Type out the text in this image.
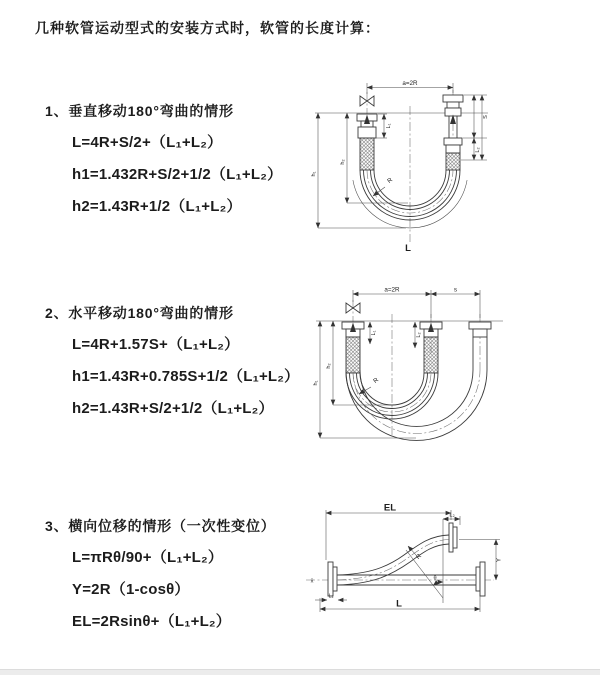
几种软管运动型式的安装方式时，软管的长度计算：

1、垂直移动180°弯曲的情形

L=4R+S/2+（L₁+L₂）
h1=1.432R+S/2+1/2（L₁+L₂）
h2=1.43R+1/2（L₁+L₂）

2、水平移动180°弯曲的情形

L=4R+1.57S+（L₁+L₂）
h1=1.43R+0.785S+1/2（L₁+L₂）
h2=1.43R+S/2+1/2（L₁+L₂）

3、横向位移的情形（一次性变位）

L=πRθ/90+（L₁+L₂）
Y=2R（1-cosθ）
EL=2Rsinθ+（L₁+L₂）
a=2R
L₁
S
L₂
h₂
h₁
R
L
a=2R	s
L₁	L₂
h₂
h₁	R
x̄
EL
L₂
Y
θ
R
L
L₁
